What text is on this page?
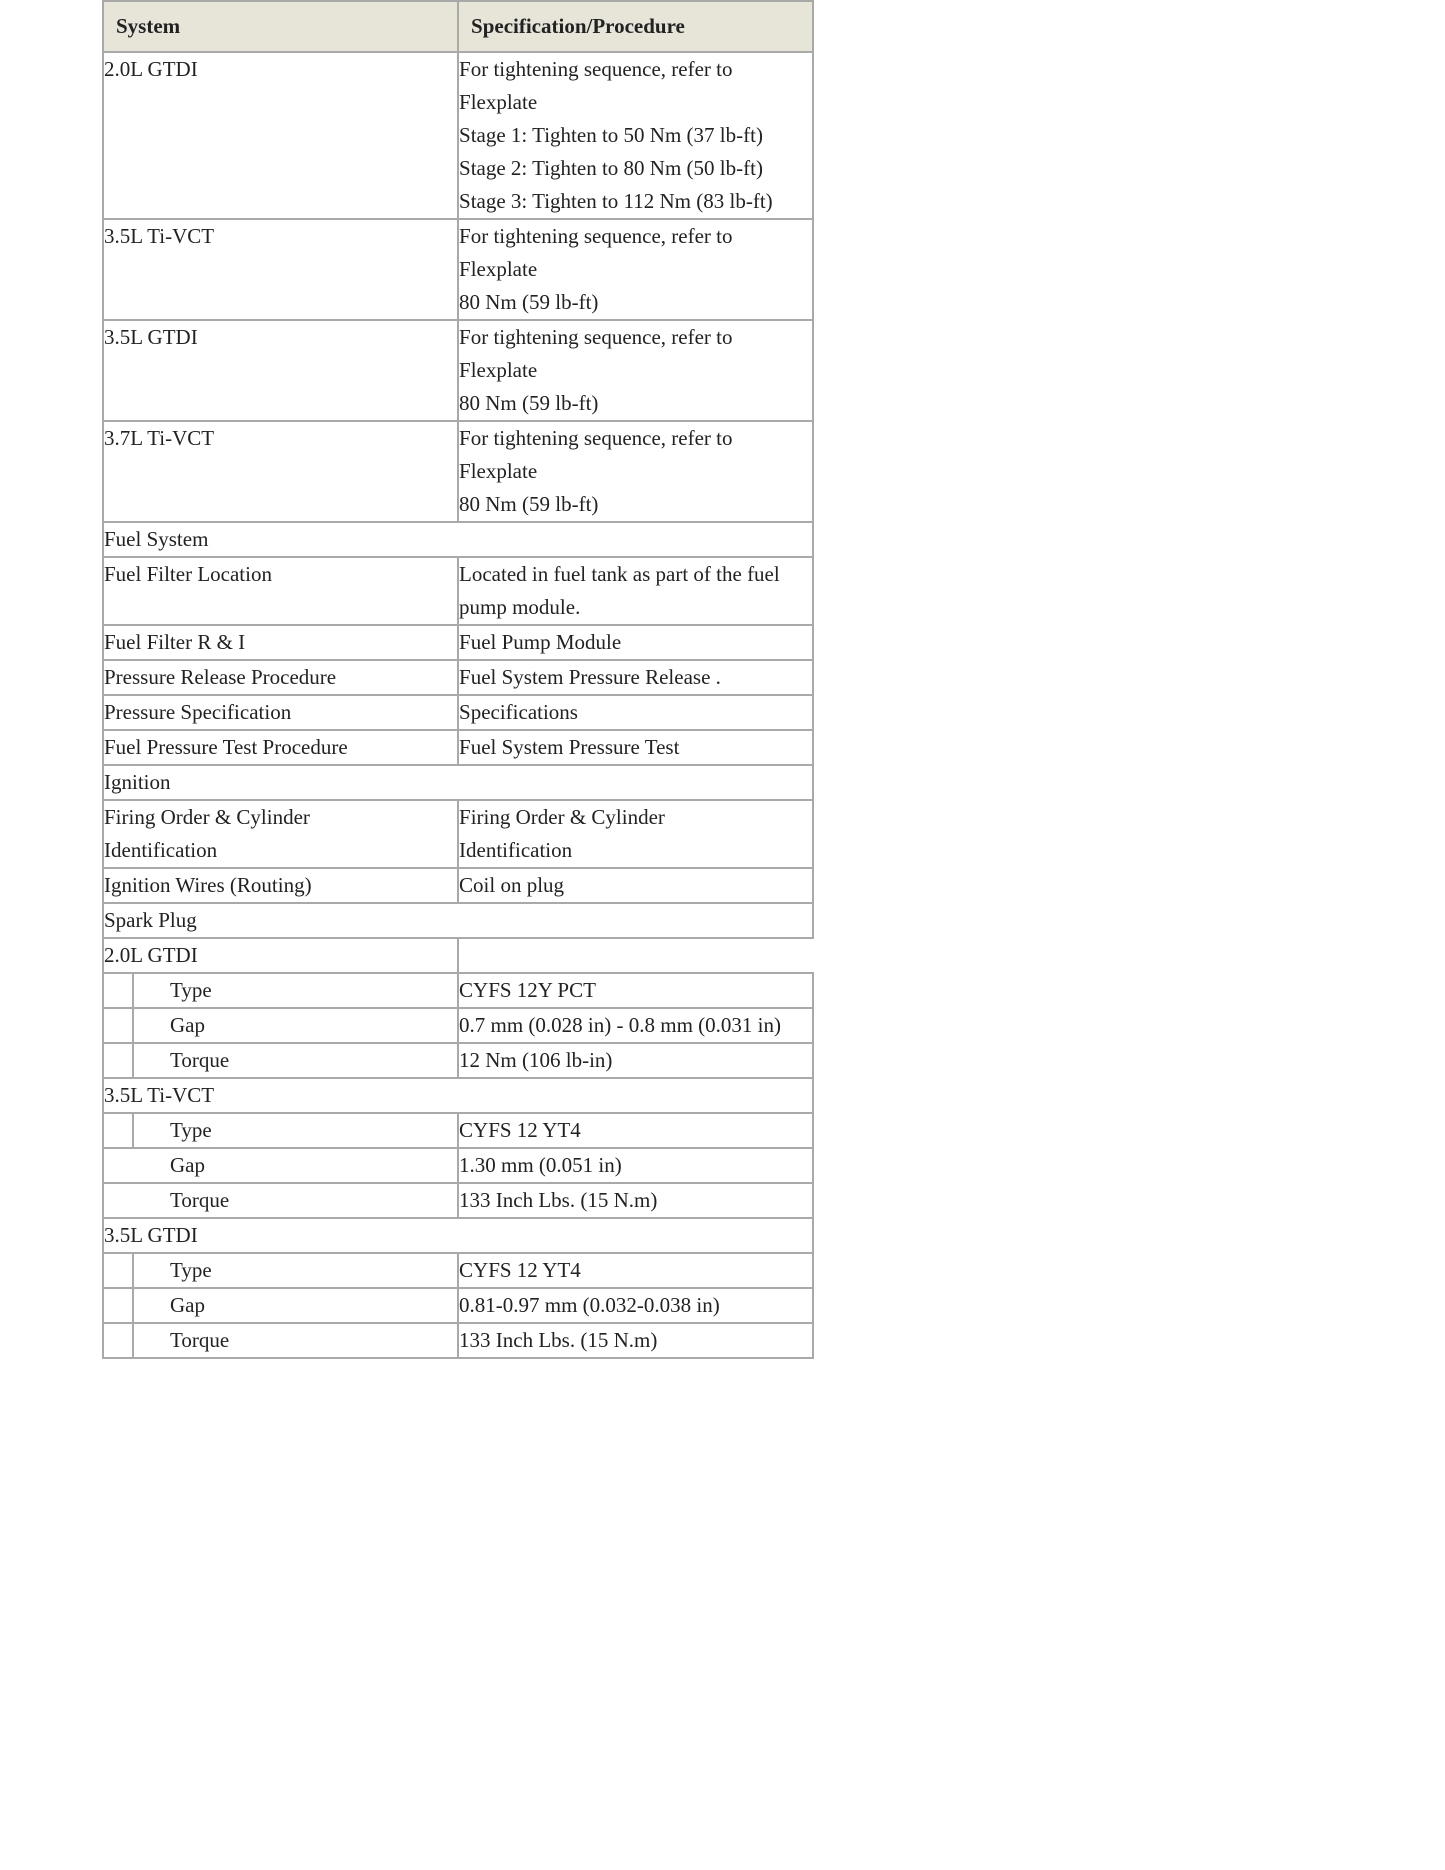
System		Specification/Procedure
2.0L GTDI		For tightening sequence, refer to Flexplate
Stage 1: Tighten to 50 Nm (37 lb-ft)
Stage 2: Tighten to 80 Nm (50 lb-ft)
Stage 3: Tighten to 112 Nm (83 lb-ft)

3.5L Ti-VCT		For tightening sequence, refer to Flexplate
80 Nm (59 lb-ft)

3.5L GTDI		For tightening sequence, refer to Flexplate
80 Nm (59 lb-ft)

3.7L Ti-VCT		For tightening sequence, refer to Flexplate
80 Nm (59 lb-ft)

Fuel System		
Fuel Filter Location		Located in fuel tank as part of the fuel pump module.
Fuel Filter R & I		Fuel Pump Module
Pressure Release Procedure		Fuel System Pressure Release .
Pressure Specification		Specifications
Fuel Pressure Test Procedure		Fuel System Pressure Test
Ignition		
Firing Order & Cylinder Identification		Firing Order & Cylinder Identification
Ignition Wires (Routing)		Coil on plug
Spark Plug		
2.0L GTDI		
	Type	CYFS 12Y PCT
	Gap	0.7 mm (0.028 in) - 0.8 mm (0.031 in)
	Torque	12 Nm (106 lb-in)
3.5L Ti-VCT		
	Type	CYFS 12 YT4
Gap		1.30 mm (0.051 in)
Torque		133 Inch Lbs. (15 N.m)
3.5L GTDI		
	Type	CYFS 12 YT4
	Gap	0.81-0.97 mm (0.032-0.038 in)
	Torque	133 Inch Lbs. (15 N.m)
